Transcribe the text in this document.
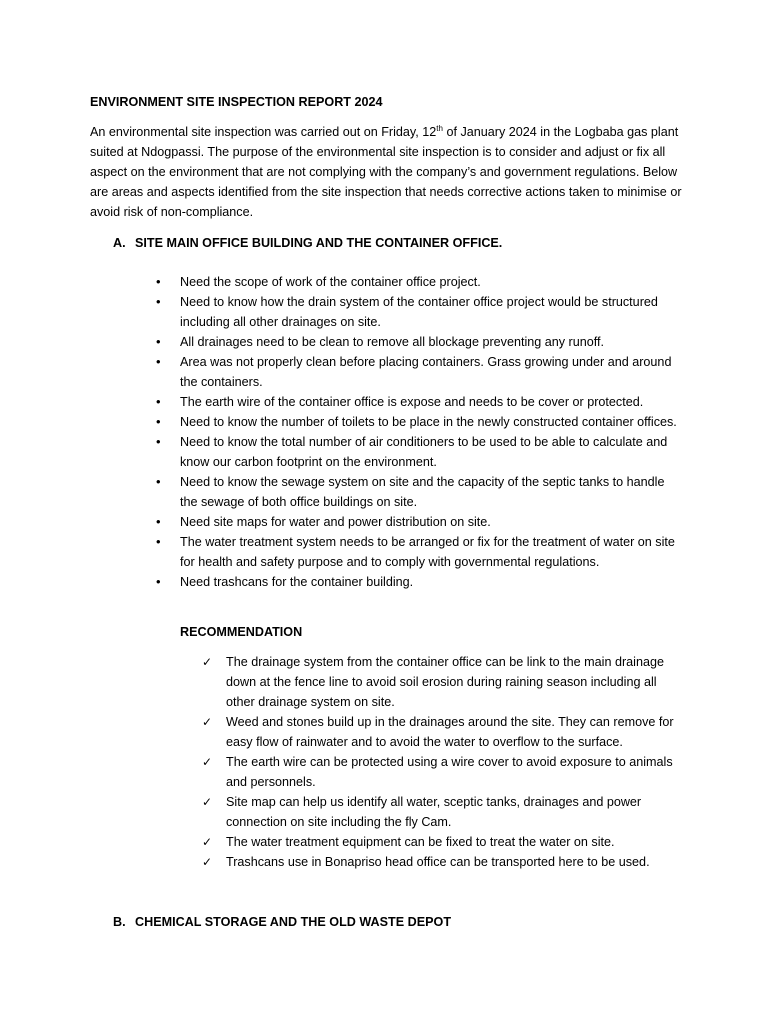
ENVIRONMENT SITE INSPECTION REPORT 2024
An environmental site inspection was carried out on Friday, 12th of January 2024 in the Logbaba gas plant suited at Ndogpassi. The purpose of the environmental site inspection is to consider and adjust or fix all aspect on the environment that are not complying with the company’s and government regulations. Below are areas and aspects identified from the site inspection that needs corrective actions taken to minimise or avoid risk of non-compliance.
A. SITE MAIN OFFICE BUILDING AND THE CONTAINER OFFICE.
• Need the scope of work of the container office project.
• Need to know how the drain system of the container office project would be structured including all other drainages on site.
• All drainages need to be clean to remove all blockage preventing any runoff.
• Area was not properly clean before placing containers. Grass growing under and around the containers.
• The earth wire of the container office is expose and needs to be cover or protected.
• Need to know the number of toilets to be place in the newly constructed container offices.
• Need to know the total number of air conditioners to be used to be able to calculate and know our carbon footprint on the environment.
• Need to know the sewage system on site and the capacity of the septic tanks to handle the sewage of both office buildings on site.
• Need site maps for water and power distribution on site.
• The water treatment system needs to be arranged or fix for the treatment of water on site for health and safety purpose and to comply with governmental regulations.
• Need trashcans for the container building.
RECOMMENDATION
✓ The drainage system from the container office can be link to the main drainage down at the fence line to avoid soil erosion during raining season including all other drainage system on site.
✓ Weed and stones build up in the drainages around the site. They can remove for easy flow of rainwater and to avoid the water to overflow to the surface.
✓ The earth wire can be protected using a wire cover to avoid exposure to animals and personnels.
✓ Site map can help us identify all water, sceptic tanks, drainages and power connection on site including the fly Cam.
✓ The water treatment equipment can be fixed to treat the water on site.
✓ Trashcans use in Bonapriso head office can be transported here to be used.
B. CHEMICAL STORAGE AND THE OLD WASTE DEPOT
